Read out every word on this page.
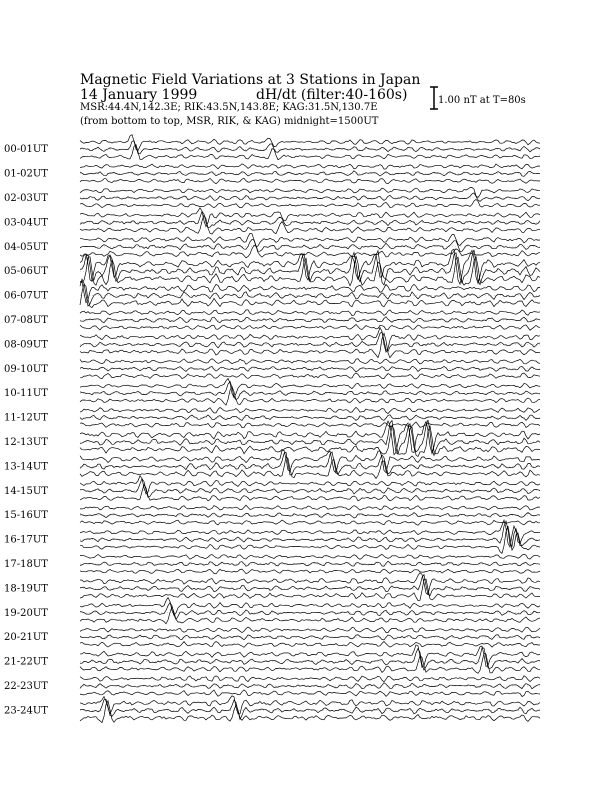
Magnetic Field Variations at 3 Stations in Japan
14 January 1999	dH/dt (filter:40-160s)
MSR:44.4N,142.3E; RIK:43.5N,143.8E; KAG:31.5N,130.7E
(from bottom to top, MSR, RIK, & KAG) midnight=1500UT
1.00 nT at T=80s
00-01UT
01-02UT
02-03UT
03-04UT
04-05UT
05-06UT
06-07UT
07-08UT
08-09UT
09-10UT
10-11UT
11-12UT
12-13UT
13-14UT
14-15UT
15-16UT
16-17UT
17-18UT
18-19UT
19-20UT
20-21UT
21-22UT
22-23UT
23-24UT
